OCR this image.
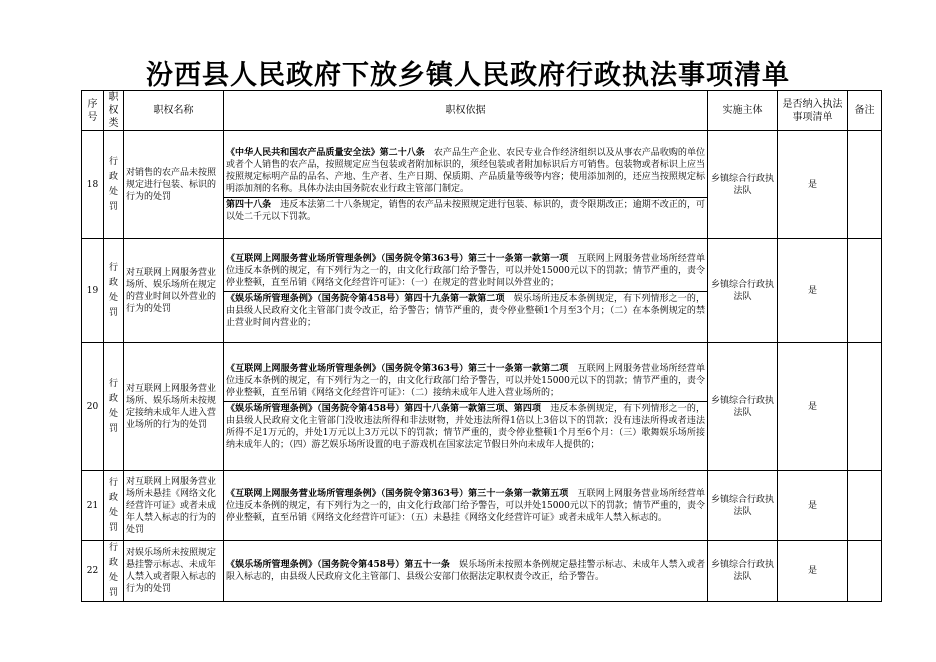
汾西县人民政府下放乡镇人民政府行政执法事项清单
序号	职权类	职权名称	职权依据	实施主体	是否纳入执法事项清单	备注
18	行政处罚	对销售的农产品未按照规定进行包装、标识的行为的处罚	《中华人民共和国农产品质量安全法》第二十八条　农产品生产企业、农民专业合作经济组织以及从事农产品收购的单位或者个人销售的农产品，按照规定应当包装或者附加标识的，须经包装或者附加标识后方可销售。包装物或者标识上应当按照规定标明产品的品名、产地、生产者、生产日期、保质期、产品质量等级等内容；使用添加剂的，还应当按照规定标明添加剂的名称。具体办法由国务院农业行政主管部门制定。
第四十八条　违反本法第二十八条规定，销售的农产品未按照规定进行包装、标识的，责令限期改正；逾期不改正的，可以处二千元以下罚款。	乡镇综合行政执法队	是	
19	行政处罚	对互联网上网服务营业场所、娱乐场所在规定的营业时间以外营业的行为的处罚	《互联网上网服务营业场所管理条例》（国务院令第363号）第三十一条第一款第一项　互联网上网服务营业场所经营单位违反本条例的规定，有下列行为之一的，由文化行政部门给予警告，可以并处15000元以下的罚款；情节严重的，责令停业整顿，直至吊销《网络文化经营许可证》：（一）在规定的营业时间以外营业的；
《娱乐场所管理条例》（国务院令第458号）第四十九条第一款第二项　娱乐场所违反本条例规定，有下列情形之一的，由县级人民政府文化主管部门责令改正，给予警告；情节严重的，责令停业整顿1个月至3个月；（二）在本条例规定的禁止营业时间内营业的；	乡镇综合行政执法队	是	
20	行政处罚	对互联网上网服务营业场所、娱乐场所未按规定接纳未成年人进入营业场所的行为的处罚	《互联网上网服务营业场所管理条例》（国务院令第363号）第三十一条第一款第二项　互联网上网服务营业场所经营单位违反本条例的规定，有下列行为之一的，由文化行政部门给予警告，可以并处15000元以下的罚款；情节严重的，责令停业整顿，直至吊销《网络文化经营许可证》：（二）接纳未成年人进入营业场所的；
《娱乐场所管理条例》（国务院令第458号）第四十八条第一款第三项、第四项　违反本条例规定，有下列情形之一的，由县级人民政府文化主管部门没收违法所得和非法财物，并处违法所得1倍以上3倍以下的罚款；没有违法所得或者违法所得不足1万元的，并处1万元以上3万元以下的罚款；情节严重的，责令停业整顿1个月至6个月：（三）歌舞娱乐场所接纳未成年人的；（四）游艺娱乐场所设置的电子游戏机在国家法定节假日外向未成年人提供的；	乡镇综合行政执法队	是	
21	行政处罚	对互联网上网服务营业场所未悬挂《网络文化经营许可证》或者未成年人禁入标志的行为的处罚	《互联网上网服务营业场所管理条例》（国务院令第363号）第三十一条第一款第五项　互联网上网服务营业场所经营单位违反本条例的规定，有下列行为之一的，由文化行政部门给予警告，可以并处15000元以下的罚款；情节严重的，责令停业整顿，直至吊销《网络文化经营许可证》：（五）未悬挂《网络文化经营许可证》或者未成年人禁入标志的。	乡镇综合行政执法队	是	
22	行政处罚	对娱乐场所未按照规定悬挂警示标志、未成年人禁入或者限入标志的行为的处罚	《娱乐场所管理条例》（国务院令第458号）第五十一条　娱乐场所未按照本条例规定悬挂警示标志、未成年人禁入或者限入标志的，由县级人民政府文化主管部门、县级公安部门依据法定职权责令改正，给予警告。	乡镇综合行政执法队	是	
